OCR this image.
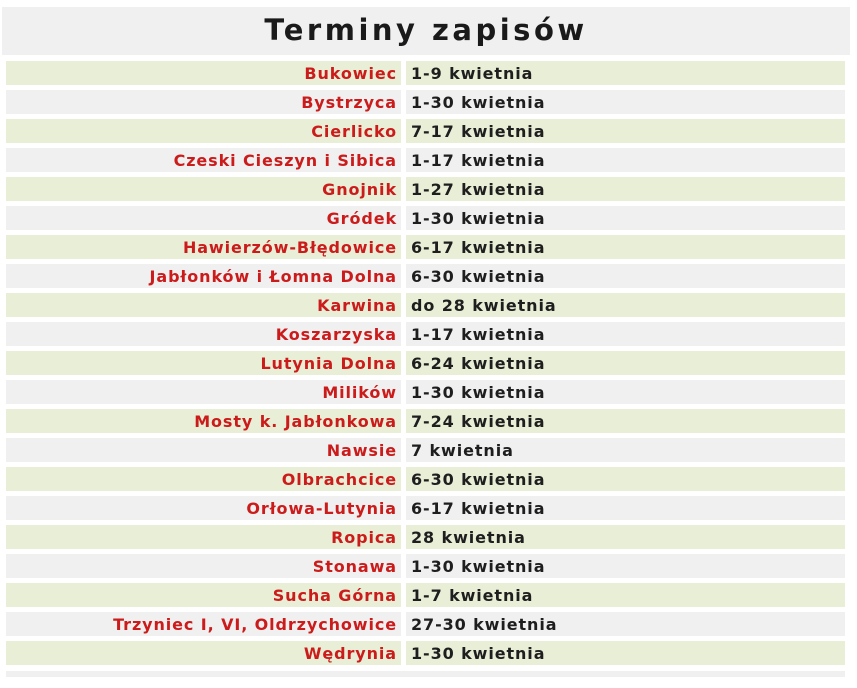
Terminy zapisów
Bukowiec 1-9 kwietnia
Bystrzyca 1-30 kwietnia
Cierlicko 7-17 kwietnia
Czeski Cieszyn i Sibica 1-17 kwietnia
Gnojnik 1-27 kwietnia
Gródek 1-30 kwietnia
Hawierzów-Błędowice 6-17 kwietnia
Jabłonków i Łomna Dolna 6-30 kwietnia
Karwina do 28 kwietnia
Koszarzyska 1-17 kwietnia
Lutynia Dolna 6-24 kwietnia
Milików 1-30 kwietnia
Mosty k. Jabłonkowa 7-24 kwietnia
Nawsie 7 kwietnia
Olbrachcice 6-30 kwietnia
Orłowa-Lutynia 6-17 kwietnia
Ropica 28 kwietnia
Stonawa 1-30 kwietnia
Sucha Górna 1-7 kwietnia
Trzyniec I, VI, Oldrzychowice 27-30 kwietnia
Wędrynia 1-30 kwietnia
